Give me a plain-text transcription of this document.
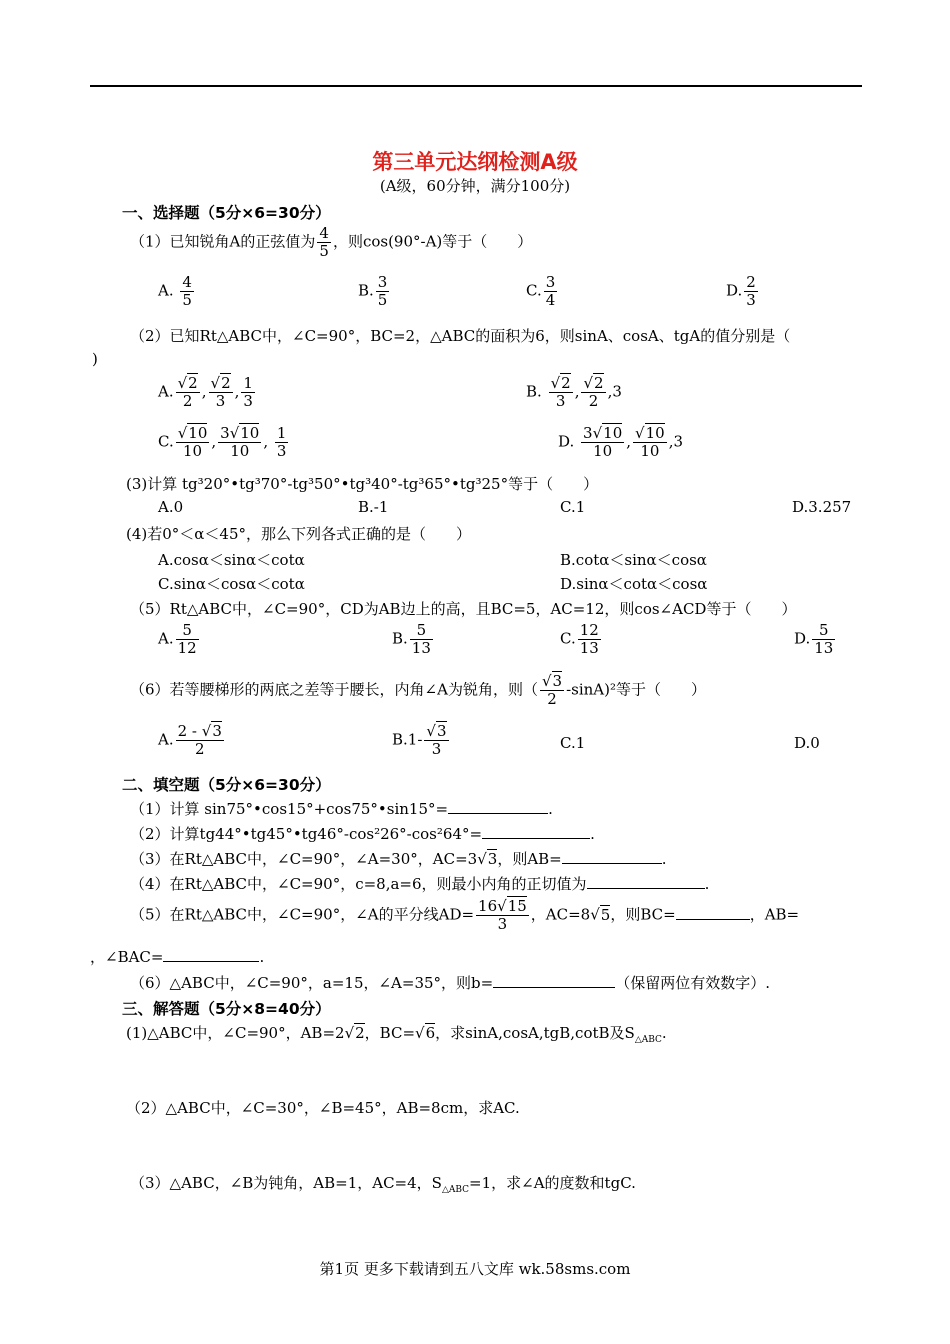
第三单元达纲检测A级
(A级，60分钟，满分100分)
一、选择题（5分×6=30分）
（1）已知锐角A的正弦值为 $\frac{4}{5}$ ，则cos(90°-A)等于（　　）
A. $\frac{4}{5}$	B. $\frac{3}{5}$	C. $\frac{3}{4}$	D. $\frac{2}{3}$
（2）已知Rt△ABC中，∠C=90°，BC=2，△ABC的面积为6，则sinA、cosA、tgA的值分别是（
)
A. $\frac{√2}{2}$ , $\frac{√2}{3}$ , $\frac{1}{3}$	B. $\frac{√2}{3}$ , $\frac{√2}{2} ,3$
C. $\frac{√10}{10}$ , $\frac{3√10}{10}$ , $\frac{1}{3}$	D. $\frac{3√10}{10}$ , $\frac{√10}{10} ,3$
(3)计算 tg³20°•tg³70°-tg³50°•tg³40°-tg³65°•tg³25°等于（　　）
A.0	B.-1	C.1	D.3.257
(4)若0°＜α＜45°，那么下列各式正确的是（　　）
A.cosα＜sinα＜cotα	B.cotα＜sinα＜cosα
C.sinα＜cosα＜cotα	D.sinα＜cotα＜cosα
（5）Rt△ABC中，∠C=90°，CD为AB边上的高，且BC=5，AC=12，则cos∠ACD等于（　　）
A. $\frac{5}{12}$	B. $\frac{5}{13}$	C. $\frac{12}{13}$	D. $\frac{5}{13}$
（6）若等腰梯形的两底之差等于腰长，内角∠A为锐角，则（ $\frac{√3}{2} -\sin A)^2$等于（　　）
A. $\frac{2 - √3}{2}$	$B.1- \frac{√3}{3}$	C.1	D.0
二、填空题（5分×6=30分）
（1）计算 sin75°•cos15°+cos75°•sin15°=	.
（2）计算tg44°•tg45°•tg46°-cos²26°-cos²64°=	.
（3）在Rt△ABC中，∠C=90°，∠A=30°，AC=3√3，则AB=	.
（4）在Rt△ABC中，∠C=90°，c=8,a=6，则最小内角的正切值为	.
（5）在Rt△ABC中，∠C=90°，∠A的平分线$AD= \frac{16√15}{3}$ ，AC=8√5，则BC=	，AB=
，∠BAC=	.
（6）△ABC中，∠C=90°，a=15，∠A=35°，则b=	（保留两位有效数字）.
三、解答题（5分×8=40分）
(1)△ABC中，∠C=90°，AB=2√2，BC=√6，求sinA,cosA,tgB,cotB及$S_{\triangle ABC}$.
（2）△ABC中，∠C=30°，∠B=45°，AB=8cm，求AC.
（3）△ABC，∠B为钝角，AB=1，AC=4，$S_{\triangle ABC}=1$，求∠A的度数和tgC.
第1页 更多下载请到五八文库 wk.58sms.com
